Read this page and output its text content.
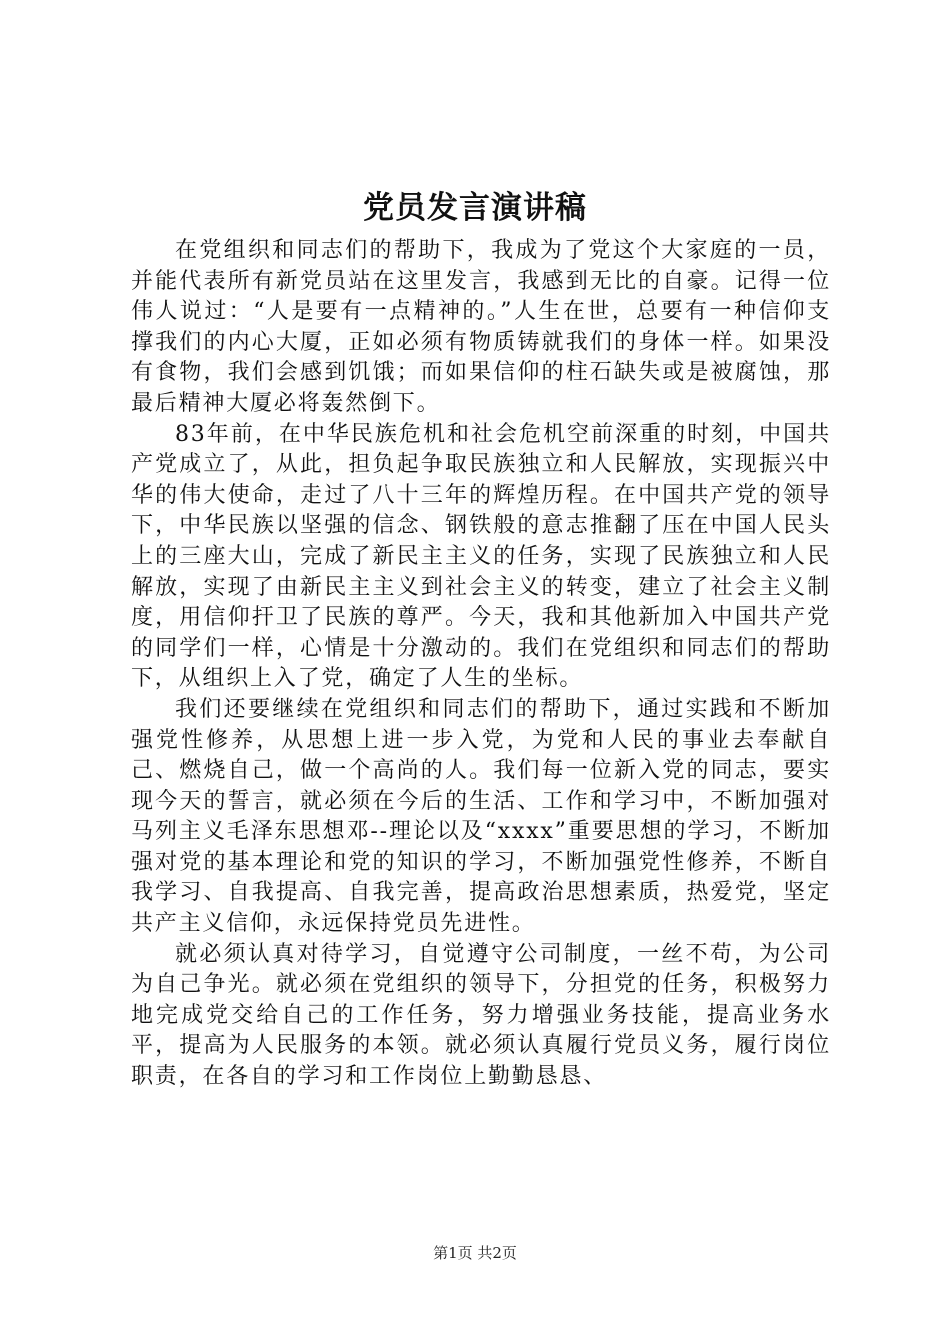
党员发言演讲稿

在党组织和同志们的帮助下，我成为了党这个大家庭的一员，并能代表所有新党员站在这里发言，我感到无比的自豪。记得一位伟人说过：“人是要有一点精神的。”人生在世，总要有一种信仰支撑我们的内心大厦，正如必须有物质铸就我们的身体一样。如果没有食物，我们会感到饥饿；而如果信仰的柱石缺失或是被腐蚀，那最后精神大厦必将轰然倒下。

83年前，在中华民族危机和社会危机空前深重的时刻，中国共产党成立了，从此，担负起争取民族独立和人民解放，实现振兴中华的伟大使命，走过了八十三年的辉煌历程。在中国共产党的领导下，中华民族以坚强的信念、钢铁般的意志推翻了压在中国人民头上的三座大山，完成了新民主主义的任务，实现了民族独立和人民解放，实现了由新民主主义到社会主义的转变，建立了社会主义制度，用信仰扞卫了民族的尊严。今天，我和其他新加入中国共产党的同学们一样，心情是十分激动的。我们在党组织和同志们的帮助下，从组织上入了党，确定了人生的坐标。

我们还要继续在党组织和同志们的帮助下，通过实践和不断加强党性修养，从思想上进一步入党，为党和人民的事业去奉献自己、燃烧自己，做一个高尚的人。我们每一位新入党的同志，要实现今天的誓言，就必须在今后的生活、工作和学习中，不断加强对马列主义毛泽东思想邓--理论以及“xxxx”重要思想的学习，不断加强对党的基本理论和党的知识的学习，不断加强党性修养，不断自我学习、自我提高、自我完善，提高政治思想素质，热爱党，坚定共产主义信仰，永远保持党员先进性。

就必须认真对待学习，自觉遵守公司制度，一丝不苟，为公司为自己争光。就必须在党组织的领导下，分担党的任务，积极努力地完成党交给自己的工作任务，努力增强业务技能，提高业务水平，提高为人民服务的本领。就必须认真履行党员义务，履行岗位职责，在各自的学习和工作岗位上勤勤恳恳、

第1页 共2页
